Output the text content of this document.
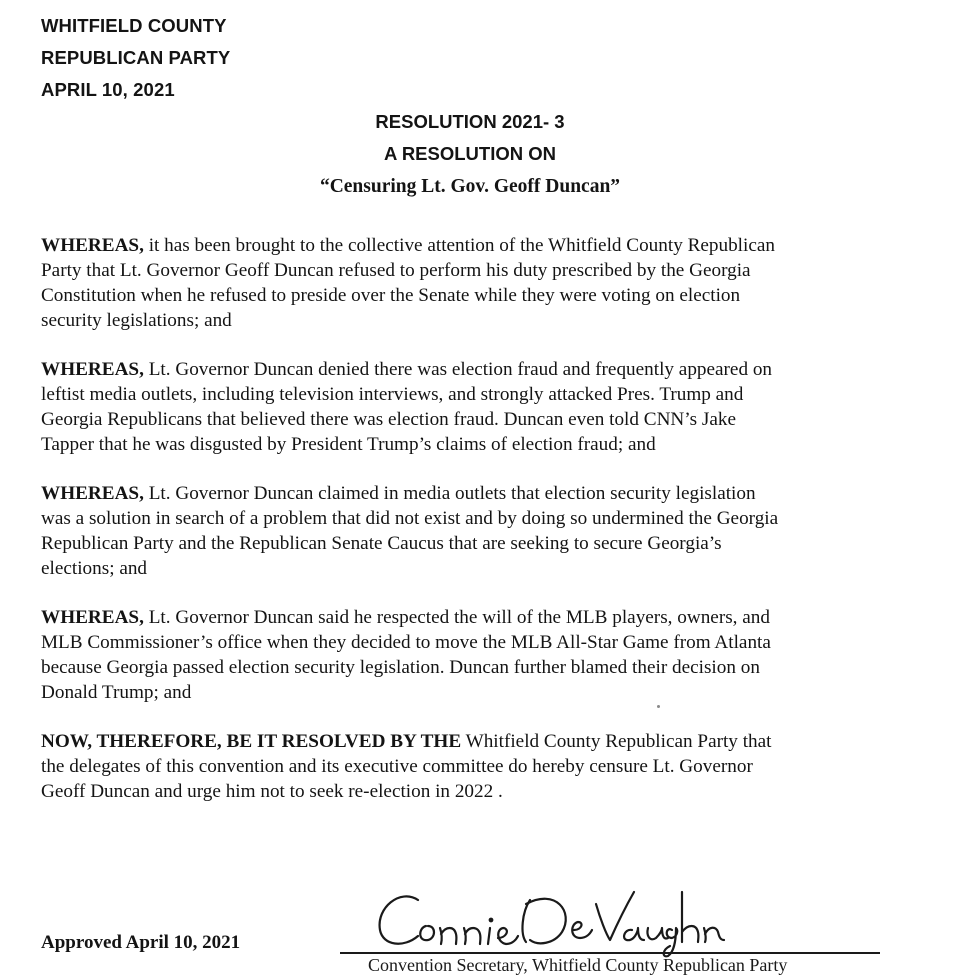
WHITFIELD COUNTY
REPUBLICAN PARTY
APRIL 10, 2021
RESOLUTION 2021- 3
A RESOLUTION ON
“Censuring Lt. Gov. Geoff Duncan”

WHEREAS, it has been brought to the collective attention of the Whitfield County Republican
Party that Lt. Governor Geoff Duncan refused to perform his duty prescribed by the Georgia
Constitution when he refused to preside over the Senate while they were voting on election
security legislations; and

WHEREAS, Lt. Governor Duncan denied there was election fraud and frequently appeared on
leftist media outlets, including television interviews, and strongly attacked Pres. Trump and
Georgia Republicans that believed there was election fraud. Duncan even told CNN’s Jake
Tapper that he was disgusted by President Trump’s claims of election fraud; and

WHEREAS, Lt. Governor Duncan claimed in media outlets that election security legislation
was a solution in search of a problem that did not exist and by doing so undermined the Georgia
Republican Party and the Republican Senate Caucus that are seeking to secure Georgia’s
elections; and

WHEREAS, Lt. Governor Duncan said he respected the will of the MLB players, owners, and
MLB Commissioner’s office when they decided to move the MLB All-Star Game from Atlanta
because Georgia passed election security legislation. Duncan further blamed their decision on
Donald Trump; and

NOW, THEREFORE, BE IT RESOLVED BY THE Whitfield County Republican Party that
the delegates of this convention and its executive committee do hereby censure Lt. Governor
Geoff Duncan and urge him not to seek re-election in 2022 .

Approved April 10, 2021
Convention Secretary, Whitfield County Republican Party
